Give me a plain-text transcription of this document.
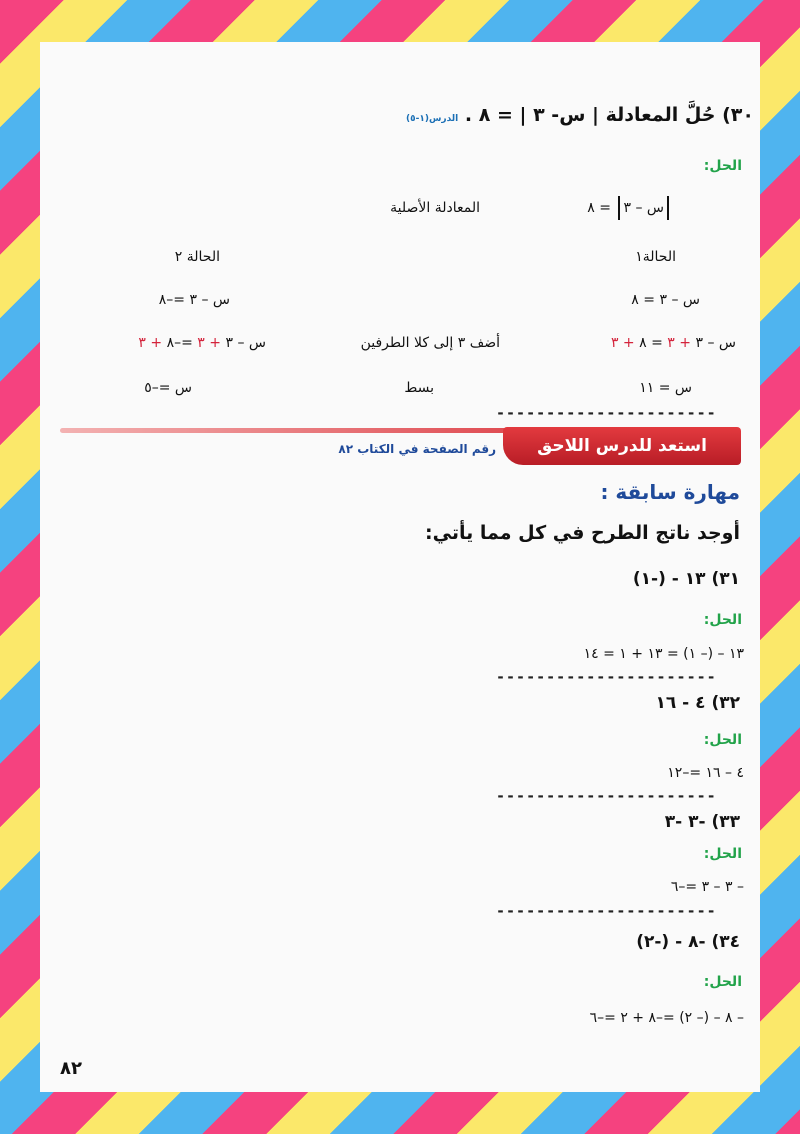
٣٠) حُلَّ المعادلة | س- ٣ | = ٨ . الدرس(١-٥)
الحل:
س – ٣ = ٨
المعادلة الأصلية
الحالة١
الحالة ٢
س – ٣ = ٨
س – ٣ =–٨
س – ٣ + ٣ = ٨ + ٣
أضف ٣ إلى كلا الطرفين
س – ٣ + ٣ =–٨ + ٣
س = ١١
بسط
س =–٥
----------------------
استعد للدرس اللاحق
رقم الصفحة في الكتاب ٨٢
مهارة سابقة :
أوجد ناتج الطرح في كل مما يأتي:
٣١) ١٣ - (-١)
الحل:
١٣ – (– ١) = ١٣ + ١ = ١٤
----------------------
٣٢) ٤ - ١٦
الحل:
٤ – ١٦ =–١٢
----------------------
٣٣) -٣ -٣
الحل:
– ٣ – ٣ =–٦
----------------------
٣٤) -٨ - (-٢)
الحل:
– ٨ – (– ٢) =–٨ + ٢ =–٦
٨٢
